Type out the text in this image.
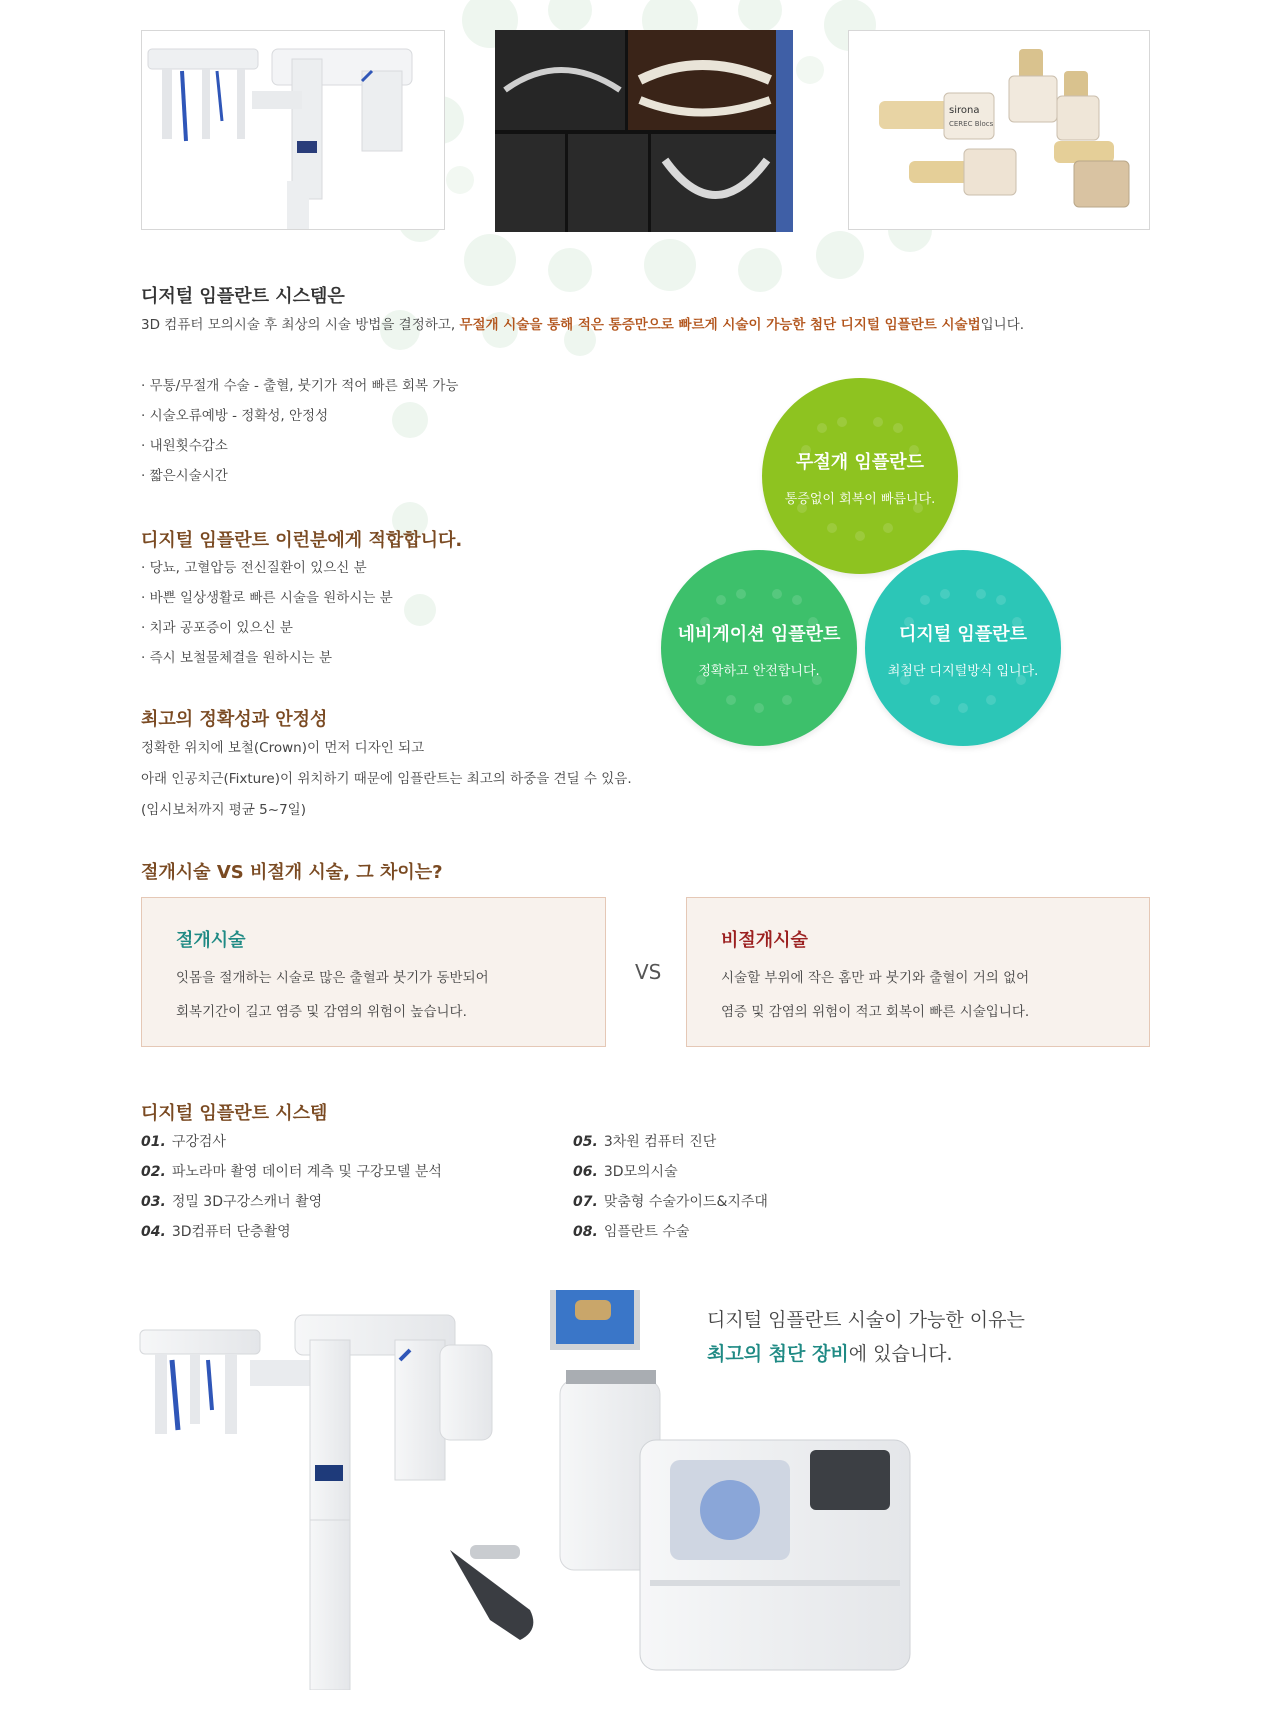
sirona
CEREC Blocs
디저털 임플란트 시스템은
3D 컴퓨터 모의시술 후 최상의 시술 방법을 결정하고, 무절개 시술을 통해 적은 통증만으로 빠르게 시술이 가능한 첨단 디지털 임플란트 시술법입니다.
· 무통/무절개 수술 - 출혈, 붓기가 적어 빠른 회복 가능
· 시술오류예방 - 정확성, 안정성
· 내원횟수감소
· 짧은시술시간
디지털 임플란트 이런분에게 적합합니다.
· 당뇨, 고혈압등 전신질환이 있으신 분
· 바쁜 일상생활로 빠른 시술을 원하시는 분
· 치과 공포증이 있으신 분
· 즉시 보철물체결을 원하시는 분
최고의 정확성과 안정성
정확한 위치에 보철(Crown)이 먼저 디자인 되고
아래 인공치근(Fixture)이 위치하기 때문에 임플란트는 최고의 하중을 견딜 수 있음.
(임시보처까지 평균 5~7일)
무절개 임플란드
통증없이 회복이 빠릅니다.
네비게이션 임플란트
정확하고 안전합니다.
디지털 임플란트
최첨단 디지털방식 입니다.
절개시술 VS 비절개 시술, 그 차이는?
절개시술
잇몸을 절개하는 시술로 많은 출혈과 붓기가 동반되어
회복기간이 길고 염증 및 감염의 위험이 높습니다.
VS
비절개시술
시술할 부위에 작은 홈만 파 붓기와 출혈이 거의 없어
염증 및 감염의 위험이 적고 회복이 빠른 시술입니다.
디지털 임플란트 시스템
01. 구강검사
02. 파노라마 촬영 데이터 계측 및 구강모델 분석
03. 정밀 3D구강스캐너 촬영
04. 3D컴퓨터 단층촬영
05. 3차원 컴퓨터 진단
06. 3D모의시술
07. 맞춤형 수술가이드&지주대
08. 임플란트 수술
디지털 임플란트 시술이 가능한 이유는
최고의 첨단 장비에 있습니다.
